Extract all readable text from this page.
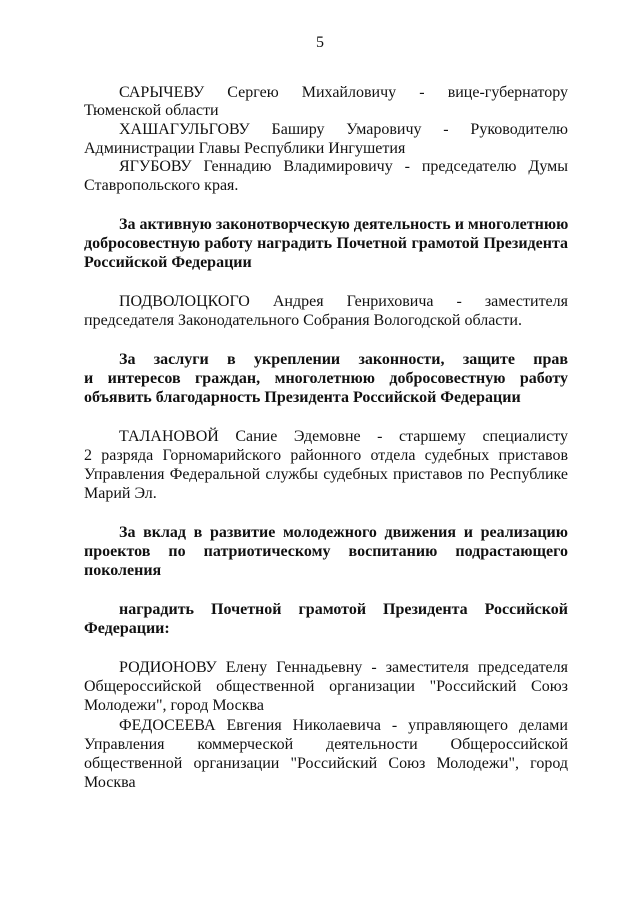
5
САРЫЧЕВУ Сергею Михайловичу - вице-губернатору
Тюменской области
ХАШАГУЛЬГОВУ Баширу Умаровичу - Руководителю
Администрации Главы Республики Ингушетия
ЯГУБОВУ Геннадию Владимировичу - председателю Думы
Ставропольского края.
За активную законотворческую деятельность и многолетнюю
добросовестную работу наградить Почетной грамотой Президента
Российской Федерации
ПОДВОЛОЦКОГО Андрея Генриховича - заместителя
председателя Законодательного Собрания Вологодской области.
За заслуги в укреплении законности, защите прав
и интересов граждан, многолетнюю добросовестную работу
объявить благодарность Президента Российской Федерации
ТАЛАНОВОЙ Сание Эдемовне - старшему специалисту
2 разряда Горномарийского районного отдела судебных приставов
Управления Федеральной службы судебных приставов по Республике
Марий Эл.
За вклад в развитие молодежного движения и реализацию
проектов по патриотическому воспитанию подрастающего
поколения
наградить Почетной грамотой Президента Российской
Федерации:
РОДИОНОВУ Елену Геннадьевну - заместителя председателя
Общероссийской общественной организации "Российский Союз
Молодежи", город Москва
ФЕДОСЕЕВА Евгения Николаевича - управляющего делами
Управления коммерческой деятельности Общероссийской
общественной организации "Российский Союз Молодежи", город
Москва
